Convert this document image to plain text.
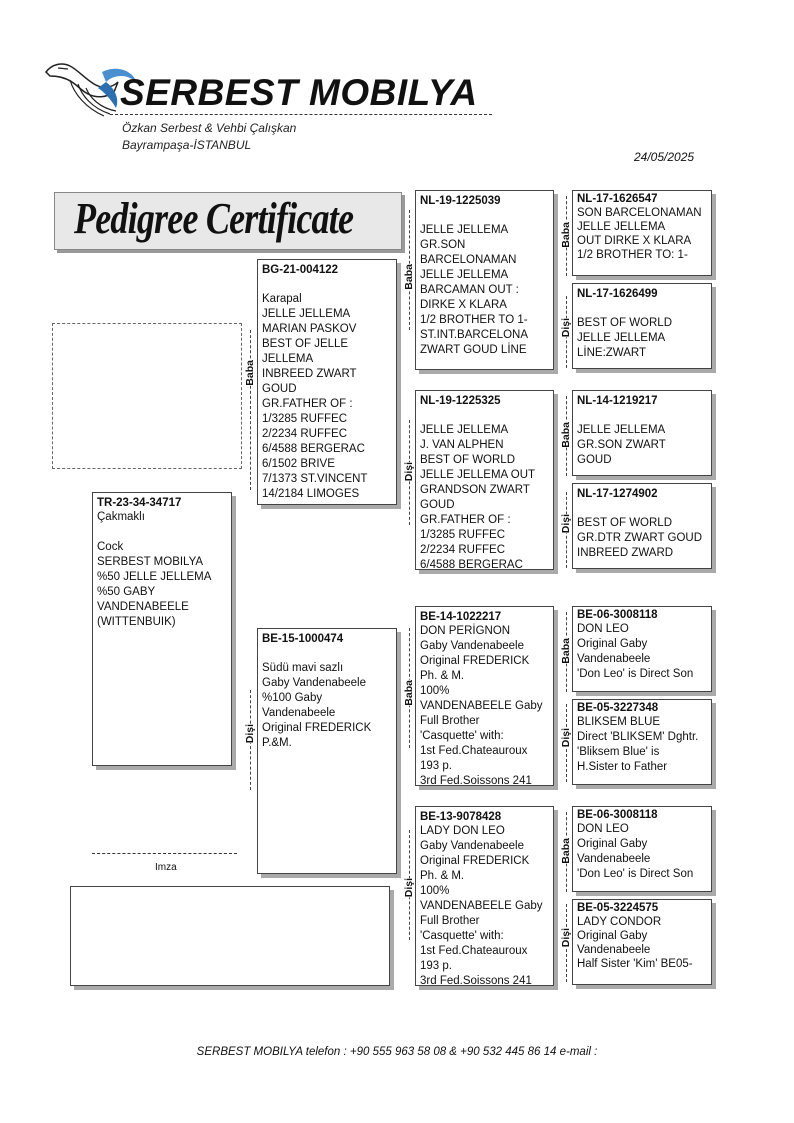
SERBEST MOBILYA
Özkan Serbest & Vehbi Çalışkan
Bayrampaşa-İSTANBUL
24/05/2025
Pedigree Certificate
TR-23-34-34717
Çakmaklı

Cock
SERBEST MOBILYA
%50 JELLE JELLEMA
%50 GABY VANDENABEELE
(WITTENBUIK)
Baba
Dişi
BG-21-004122

Karapal
JELLE JELLEMA
MARIAN PASKOV
BEST OF JELLE JELLEMA
INBREED ZWART GOUD
GR.FATHER OF :
1/3285 RUFFEC
2/2234 RUFFEC
6/4588 BERGERAC
6/1502 BRIVE
7/1373 ST.VINCENT
14/2184 LIMOGES
BE-15-1000474

Südü mavi sazlı
Gaby Vandenabeele
%100 Gaby Vandenabeele
Original FREDERICK P.&M.
Baba
Dişi
Baba
Dişi
NL-19-1225039

JELLE JELLEMA
GR.SON BARCELONAMAN
JELLE JELLEMA
BARCAMAN OUT :
DIRKE X KLARA
1/2 BROTHER TO 1-
ST.INT.BARCELONA
ZWART GOUD LİNE
NL-19-1225325

JELLE JELLEMA
J. VAN ALPHEN
BEST OF WORLD
JELLE JELLEMA OUT
GRANDSON ZWART GOUD
GR.FATHER OF :
1/3285 RUFFEC
2/2234 RUFFEC
6/4588 BERGERAC
BE-14-1022217
DON PERİGNON
Gaby Vandenabeele
Original FREDERICK
Ph. & M.
100%
VANDENABEELE Gaby
Full Brother
'Casquette' with:
1st Fed.Chateauroux
193 p.
3rd Fed.Soissons 241
BE-13-9078428
LADY DON LEO
Gaby Vandenabeele
Original FREDERICK
Ph. & M.
100%
VANDENABEELE Gaby
Full Brother
'Casquette' with:
1st Fed.Chateauroux
193 p.
3rd Fed.Soissons 241
Baba
Dişi
Baba
Dişi
Baba
Dişi
Baba
Dişi
NL-17-1626547
SON BARCELONAMAN
JELLE JELLEMA
OUT DIRKE X KLARA
1/2 BROTHER TO: 1-
NL-17-1626499

BEST OF WORLD
JELLE JELLEMA
LİNE:ZWART
NL-14-1219217

JELLE JELLEMA
GR.SON ZWART
GOUD
NL-17-1274902

BEST OF WORLD
GR.DTR ZWART GOUD
INBREED ZWARD
BE-06-3008118
DON LEO
Original Gaby
Vandenabeele
'Don Leo' is Direct Son
BE-05-3227348
BLIKSEM BLUE
Direct 'BLIKSEM' Dghtr.
'Bliksem Blue' is
H.Sister to Father
BE-06-3008118
DON LEO
Original Gaby
Vandenabeele
'Don Leo' is Direct Son
BE-05-3224575
LADY CONDOR
Original Gaby
Vandenabeele
Half Sister 'Kim' BE05-
Imza
SERBEST MOBILYA telefon : +90 555 963 58 08 & +90 532 445 86 14 e-mail :
